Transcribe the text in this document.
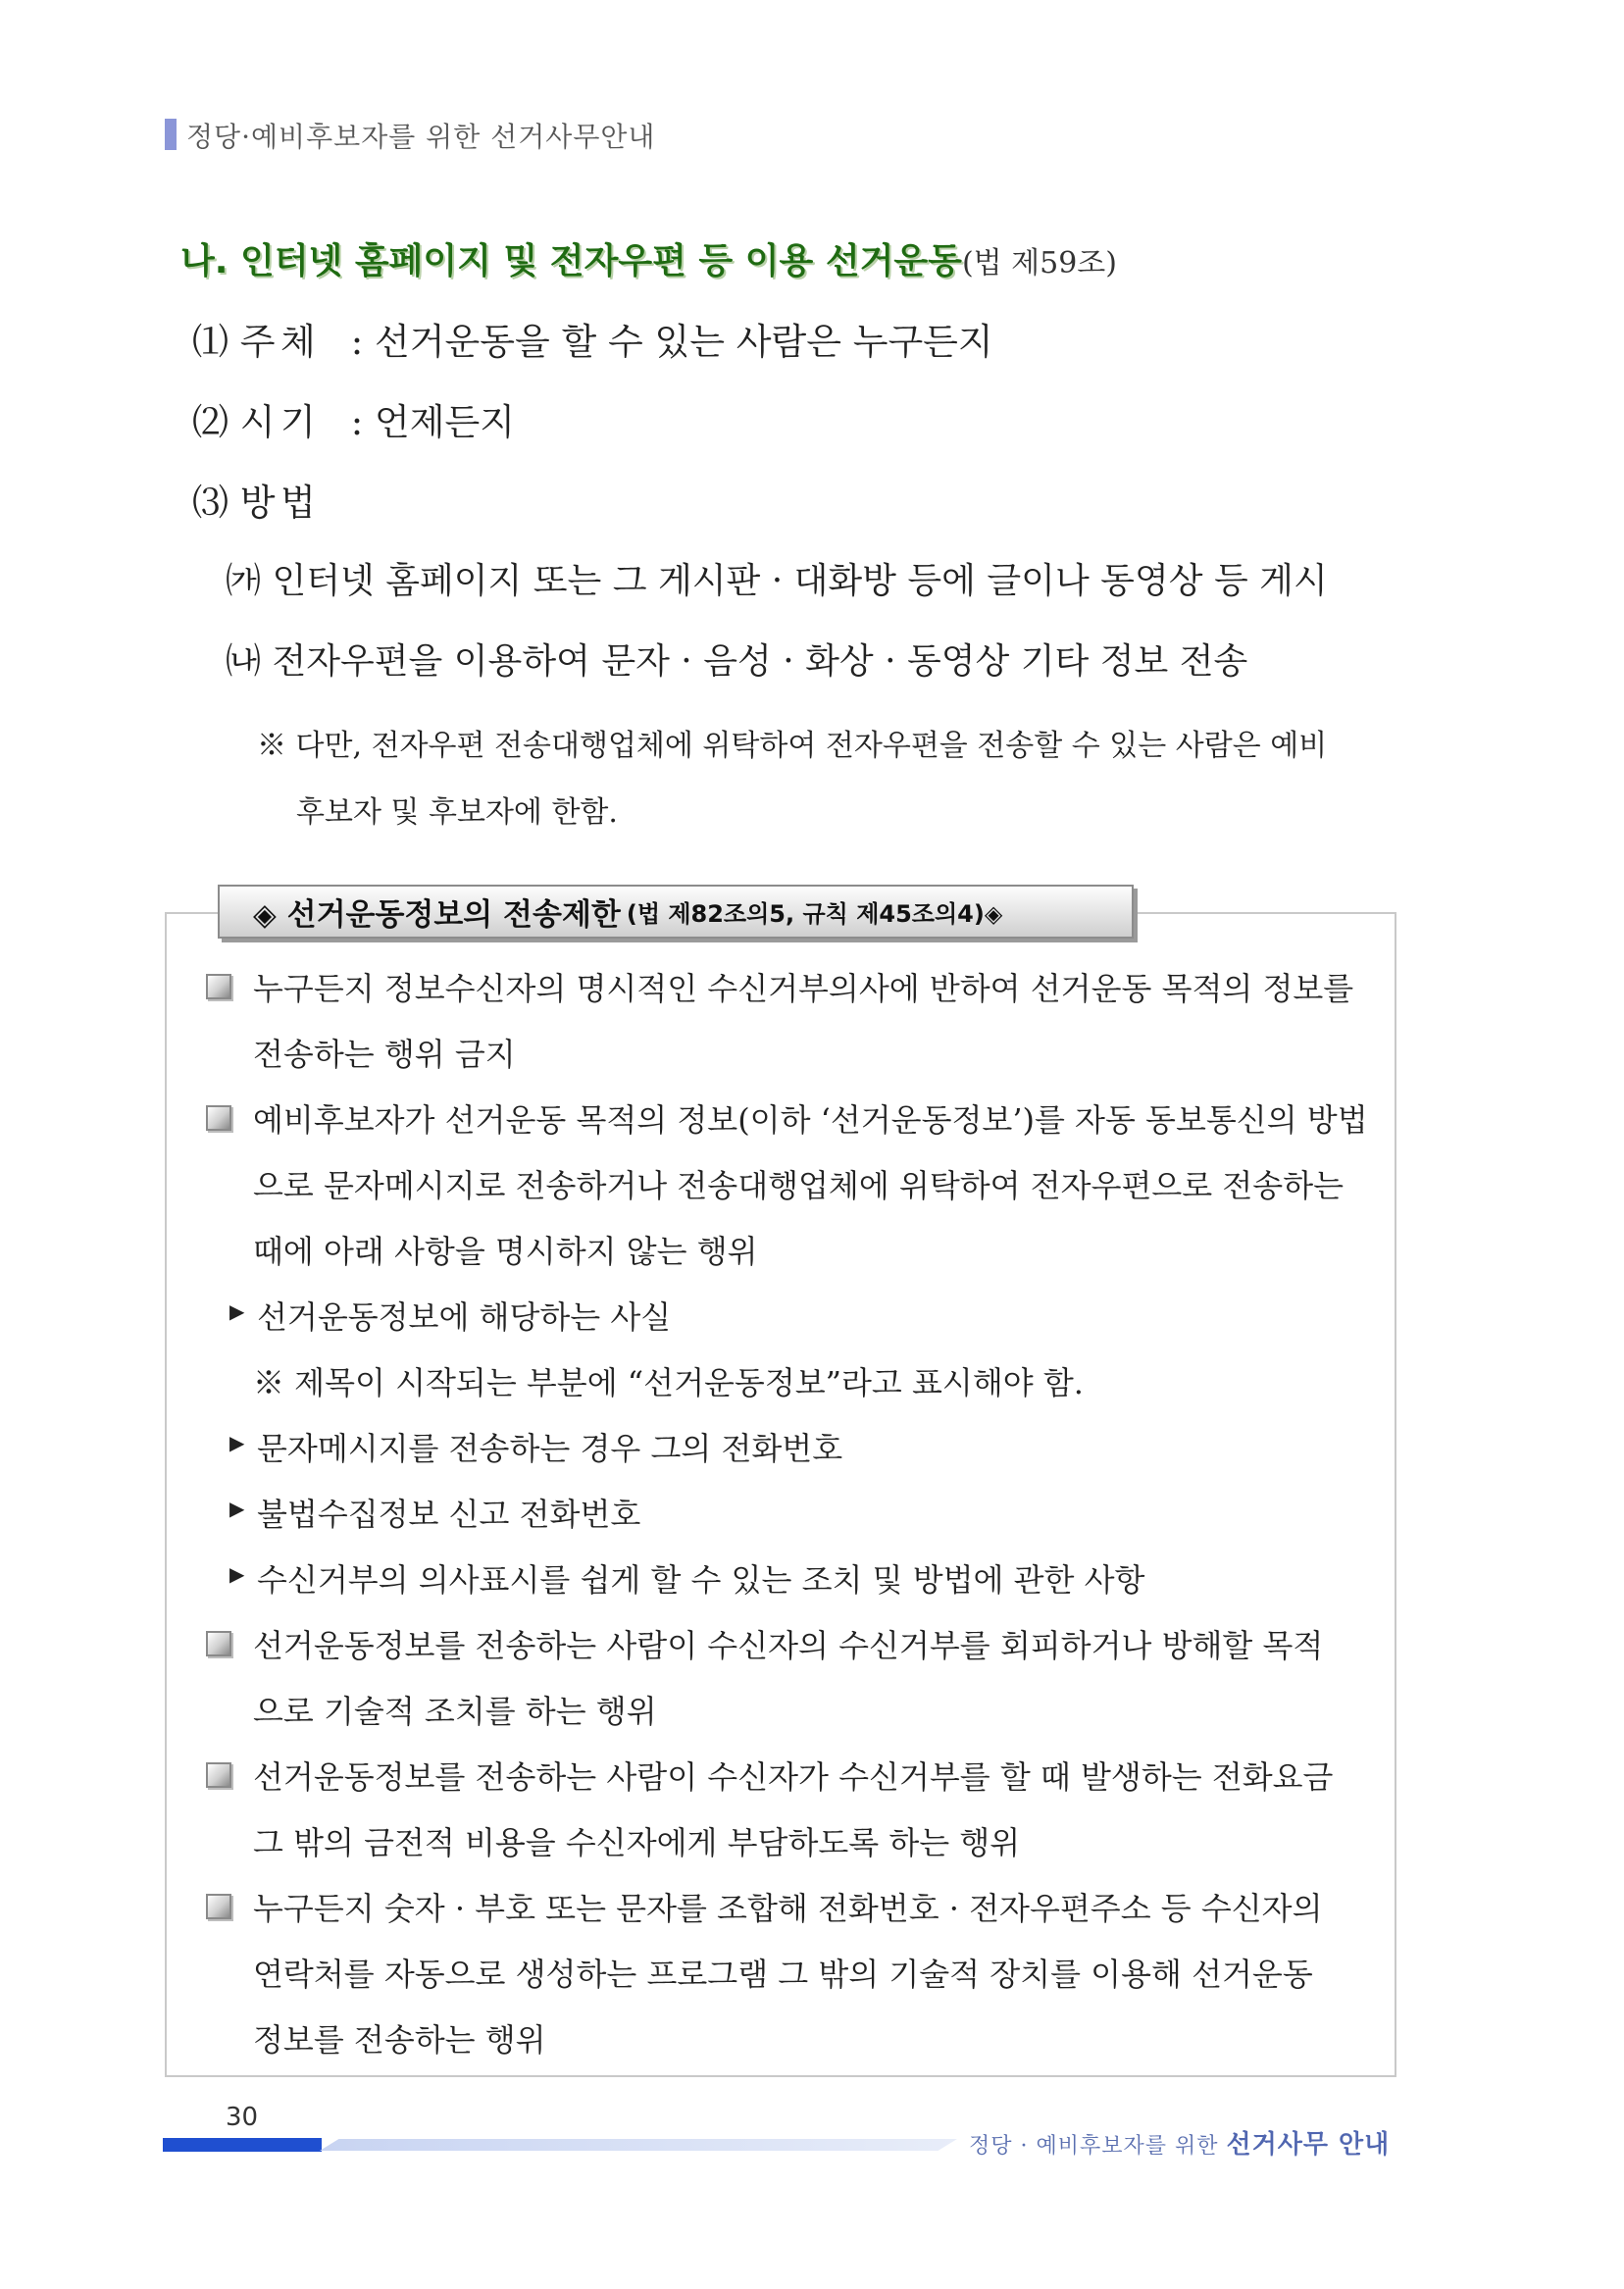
정당·예비후보자를 위한 선거사무안내
나. 인터넷 홈페이지 및 전자우편 등 이용 선거운동(법 제59조)
⑴ 주 체 : 선거운동을 할 수 있는 사람은 누구든지
⑵ 시 기 : 언제든지
⑶ 방 법
㈎ 인터넷 홈페이지 또는 그 게시판 · 대화방 등에 글이나 동영상 등 게시
㈏ 전자우편을 이용하여 문자 · 음성 · 화상 · 동영상 기타 정보 전송
※ 다만, 전자우편 전송대행업체에 위탁하여 전자우편을 전송할 수 있는 사람은 예비
후보자 및 후보자에 한함.
◈ 선거운동정보의 전송제한 (법 제82조의5, 규칙 제45조의4)◈
누구든지 정보수신자의 명시적인 수신거부의사에 반하여 선거운동 목적의 정보를
전송하는 행위 금지
예비후보자가 선거운동 목적의 정보(이하 ‘선거운동정보’)를 자동 동보통신의 방법
으로 문자메시지로 전송하거나 전송대행업체에 위탁하여 전자우편으로 전송하는
때에 아래 사항을 명시하지 않는 행위
▶ 선거운동정보에 해당하는 사실
※ 제목이 시작되는 부분에 “선거운동정보”라고 표시해야 함.
▶ 문자메시지를 전송하는 경우 그의 전화번호
▶ 불법수집정보 신고 전화번호
▶ 수신거부의 의사표시를 쉽게 할 수 있는 조치 및 방법에 관한 사항
선거운동정보를 전송하는 사람이 수신자의 수신거부를 회피하거나 방해할 목적
으로 기술적 조치를 하는 행위
선거운동정보를 전송하는 사람이 수신자가 수신거부를 할 때 발생하는 전화요금
그 밖의 금전적 비용을 수신자에게 부담하도록 하는 행위
누구든지 숫자 · 부호 또는 문자를 조합해 전화번호 · 전자우편주소 등 수신자의
연락처를 자동으로 생성하는 프로그램 그 밖의 기술적 장치를 이용해 선거운동
정보를 전송하는 행위
30
정당 · 예비후보자를 위한 선거사무 안내
